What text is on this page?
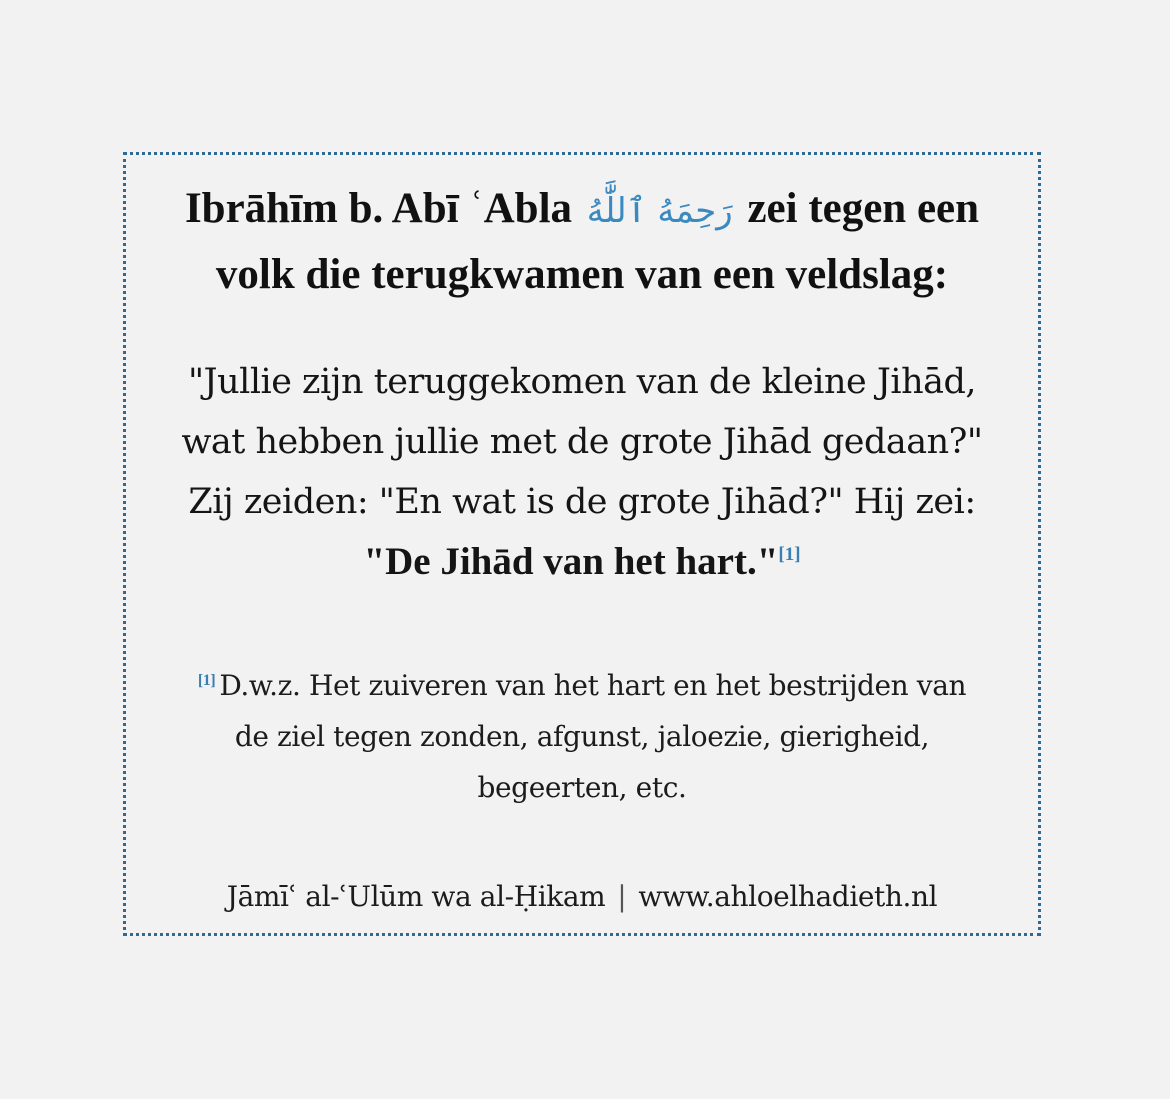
Ibrāhīm b. Abī ʿAbla رَحِمَهُ ٱللَّٰهُ zei tegen een
volk die terugkwamen van een veldslag:
"Jullie zijn teruggekomen van de kleine Jihād,
wat hebben jullie met de grote Jihād gedaan?"
Zij zeiden: "En wat is de grote Jihād?" Hij zei:
"De Jihād van het hart."[1]
[1] D.w.z. Het zuiveren van het hart en het bestrijden van
de ziel tegen zonden, afgunst, jaloezie, gierigheid,
begeerten, etc.
Jāmīʿ al-ʿUlūm wa al-Ḥikam | www.ahloelhadieth.nl
